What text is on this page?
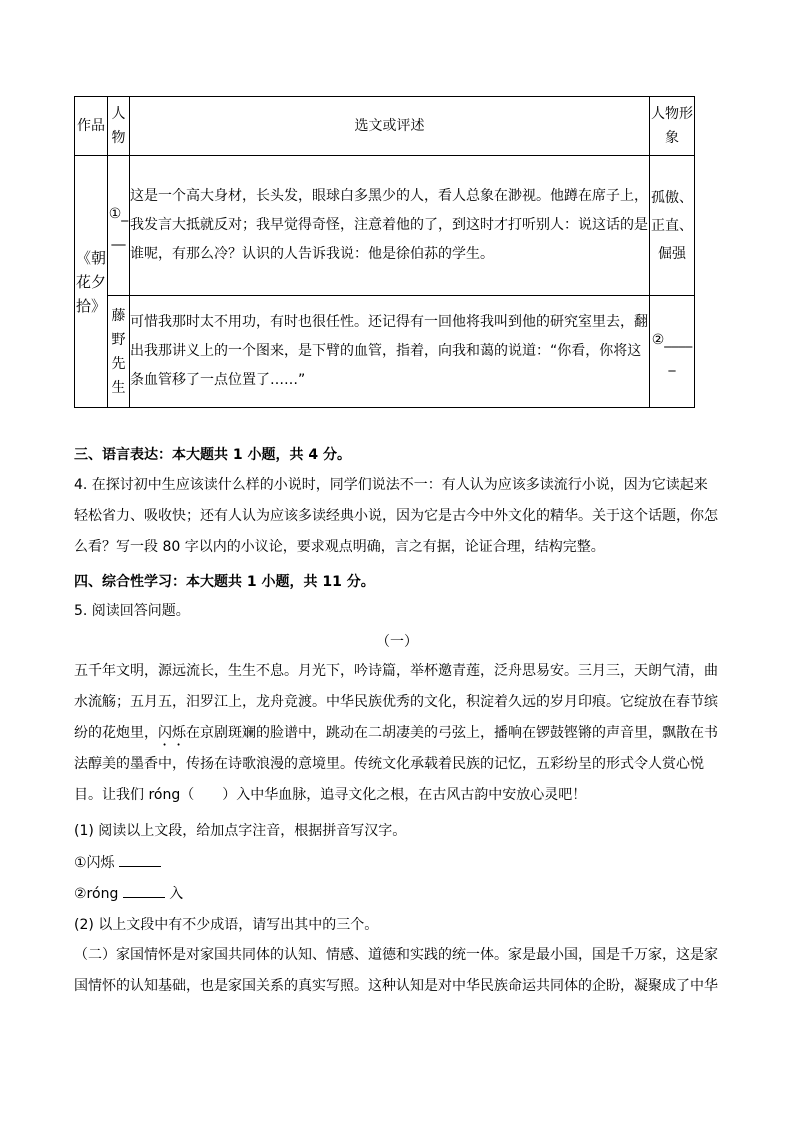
作品	人物	选文或评述	人物形象
《朝花夕拾》	①___	这是一个高大身材，长头发，眼球白多黑少的人，看人总象在渺视。他蹲在席子上，我发言大抵就反对；我早觉得奇怪，注意着他的了，到这时才打听别人：说这话的是谁呢，有那么冷？认识的人告诉我说：他是徐伯荪的学生。	孤傲、正直、倔强
	藤野先生	可惜我那时太不用功，有时也很任性。还记得有一回他将我叫到他的研究室里去，翻出我那讲义上的一个图来，是下臂的血管，指着，向我和蔼的说道：“你看，你将这条血管移了一点位置了……”	②_____

三、语言表达：本大题共 1 小题，共 4 分。

4. 在探讨初中生应该读什么样的小说时，同学们说法不一：有人认为应该多读流行小说，因为它读起来轻松省力、吸收快；还有人认为应该多读经典小说，因为它是古今中外文化的精华。关于这个话题，你怎么看？写一段 80 字以内的小议论，要求观点明确，言之有据，论证合理，结构完整。

四、综合性学习：本大题共 1 小题，共 11 分。

5. 阅读回答问题。

（一）

五千年文明，源远流长，生生不息。月光下，吟诗篇，举杯邀青莲，泛舟思易安。三月三，天朗气清，曲水流觞；五月五，汨罗江上，龙舟竞渡。中华民族优秀的文化，积淀着久远的岁月印痕。它绽放在春节缤纷的花炮里，闪烁在京剧斑斓的脸谱中，跳动在二胡凄美的弓弦上，播响在锣鼓铿锵的声音里，飘散在书法醇美的墨香中，传扬在诗歌浪漫的意境里。传统文化承载着民族的记忆，五彩纷呈的形式令人赏心悦目。让我们 róng（　　）入中华血脉，追寻文化之根，在古风古韵中安放心灵吧！

(1) 阅读以上文段，给加点字注音，根据拼音写汉字。

①闪烁

②róng	入

(2) 以上文段中有不少成语，请写出其中的三个。

（二）家国情怀是对家国共同体的认知、情感、道德和实践的统一体。家是最小国，国是千万家，这是家国情怀的认知基础，也是家国关系的真实写照。这种认知是对中华民族命运共同体的企盼，凝聚成了中华
